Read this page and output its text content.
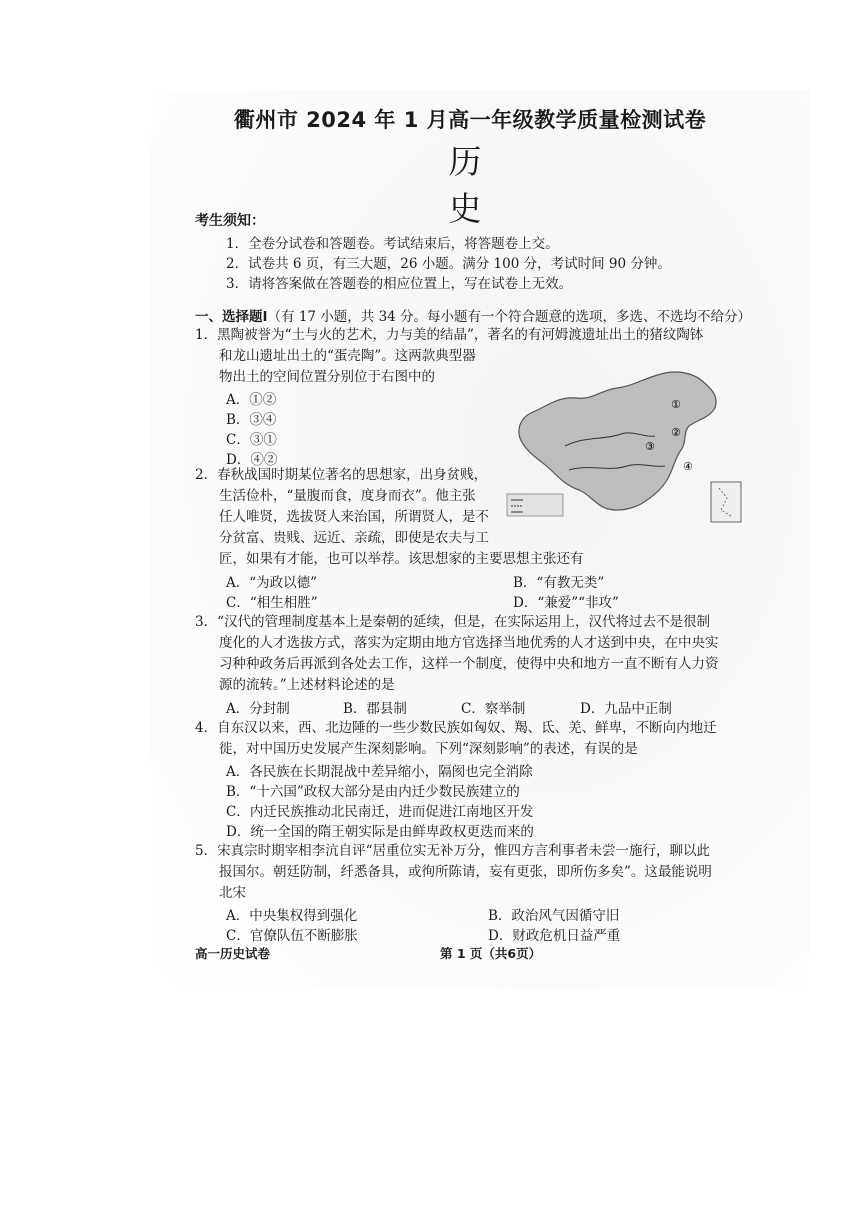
衢州市 2024 年 1 月高一年级教学质量检测试卷
历 史
考生须知：
1．全卷分试卷和答题卷。考试结束后，将答题卷上交。
2．试卷共 6 页，有三大题，26 小题。满分 100 分，考试时间 90 分钟。
3．请将答案做在答题卷的相应位置上，写在试卷上无效。
一、选择题Ⅰ（有 17 小题，共 34 分。每小题有一个符合题意的选项，多选、不选均不给分）
1．黑陶被誉为“土与火的艺术，力与美的结晶”，著名的有河姆渡遗址出土的猪纹陶钵
和龙山遗址出土的“蛋壳陶”。这两款典型器
物出土的空间位置分别位于右图中的
A．①②
B．③④
C．③①
D．④②
①
②
③
④
2．春秋战国时期某位著名的思想家，出身贫贱，
生活俭朴，“量腹而食，度身而衣”。他主张
任人唯贤，选拔贤人来治国，所谓贤人，是不
分贫富、贵贱、远近、亲疏，即使是农夫与工
匠，如果有才能，也可以举荐。该思想家的主要思想主张还有
A．“为政以德”	B．“有教无类”
C．“相生相胜”	D．“兼爱”“非攻”
3．“汉代的管理制度基本上是秦朝的延续，但是，在实际运用上，汉代将过去不是很制
度化的人才选拔方式，落实为定期由地方官选择当地优秀的人才送到中央，在中央实
习种种政务后再派到各处去工作，这样一个制度，使得中央和地方一直不断有人力资
源的流转。”上述材料论述的是
A．分封制	B．郡县制	C．察举制	D．九品中正制
4．自东汉以来，西、北边陲的一些少数民族如匈奴、羯、氐、羌、鲜卑，不断向内地迁
徙，对中国历史发展产生深刻影响。下列“深刻影响”的表述，有误的是
A．各民族在长期混战中差异缩小，隔阂也完全消除
B．“十六国”政权大部分是由内迁少数民族建立的
C．内迁民族推动北民南迁，进而促进江南地区开发
D．统一全国的隋王朝实际是由鲜卑政权更迭而来的
5．宋真宗时期宰相李沆自评“居重位实无补万分，惟四方言利事者未尝一施行，聊以此
报国尔。朝廷防制，纤悉备具，或徇所陈请，妄有更张，即所伤多矣”。这最能说明
北宋
A．中央集权得到强化	B．政治风气因循守旧
C．官僚队伍不断膨胀	D．财政危机日益严重
高一历史试卷	第 1 页（共6页）
